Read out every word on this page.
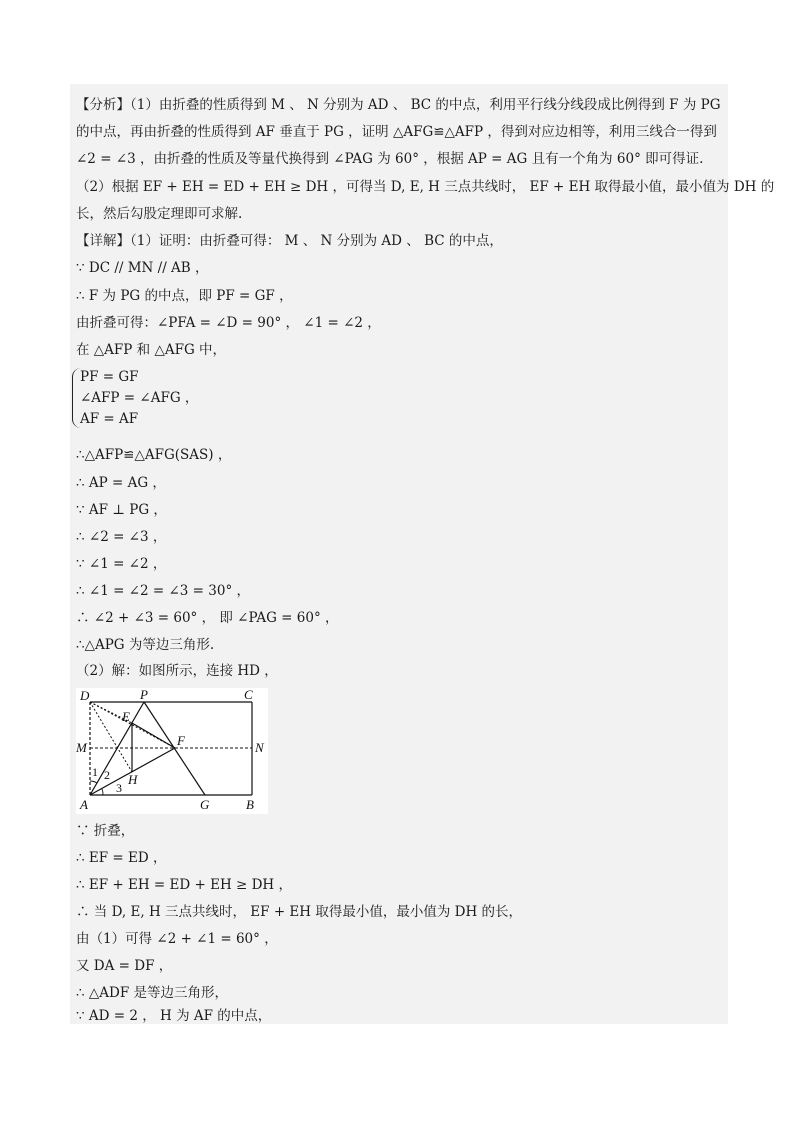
【分析】（1）由折叠的性质得到 M 、 N 分别为 AD 、 BC 的中点，利用平行线分线段成比例得到 F 为 PG
的中点，再由折叠的性质得到 AF 垂直于 PG ，证明 △AFG≌△AFP ，得到对应边相等，利用三线合一得到
∠2 = ∠3 ，由折叠的性质及等量代换得到 ∠PAG 为 60° ，根据 AP = AG 且有一个角为 60° 即可得证.
（2）根据 EF + EH = ED + EH ≥ DH ，可得当 D, E, H 三点共线时， EF + EH 取得最小值，最小值为 DH 的
长，然后勾股定理即可求解.
【详解】（1）证明：由折叠可得： M 、 N 分别为 AD 、 BC 的中点，
∵ DC // MN // AB ，
∴ F 为 PG 的中点，即 PF = GF ，
由折叠可得：∠PFA = ∠D = 90° ， ∠1 = ∠2 ，
在 △AFP 和 △AFG 中，
PF = GF
∠AFP = ∠AFG ，
AF = AF
∴△AFP≌△AFG(SAS) ，
∴ AP = AG ，
∵ AF ⊥ PG ，
∴ ∠2 = ∠3 ，
∵ ∠1 = ∠2 ，
∴ ∠1 = ∠2 = ∠3 = 30° ，
∴ ∠2 + ∠3 = 60° ， 即 ∠PAG = 60° ，
∴△APG 为等边三角形.
（2）解：如图所示，连接 HD ，
D	P	C
E
M	F	N
1 2
3
H
A	G	B
∵ 折叠，
∴ EF = ED ，
∴ EF + EH = ED + EH ≥ DH ，
∴ 当 D, E, H 三点共线时， EF + EH 取得最小值，最小值为 DH 的长，
由（1）可得 ∠2 + ∠1 = 60° ，
又 DA = DF ，
∴ △ADF 是等边三角形，
∵ AD = 2 ， H 为 AF 的中点，
